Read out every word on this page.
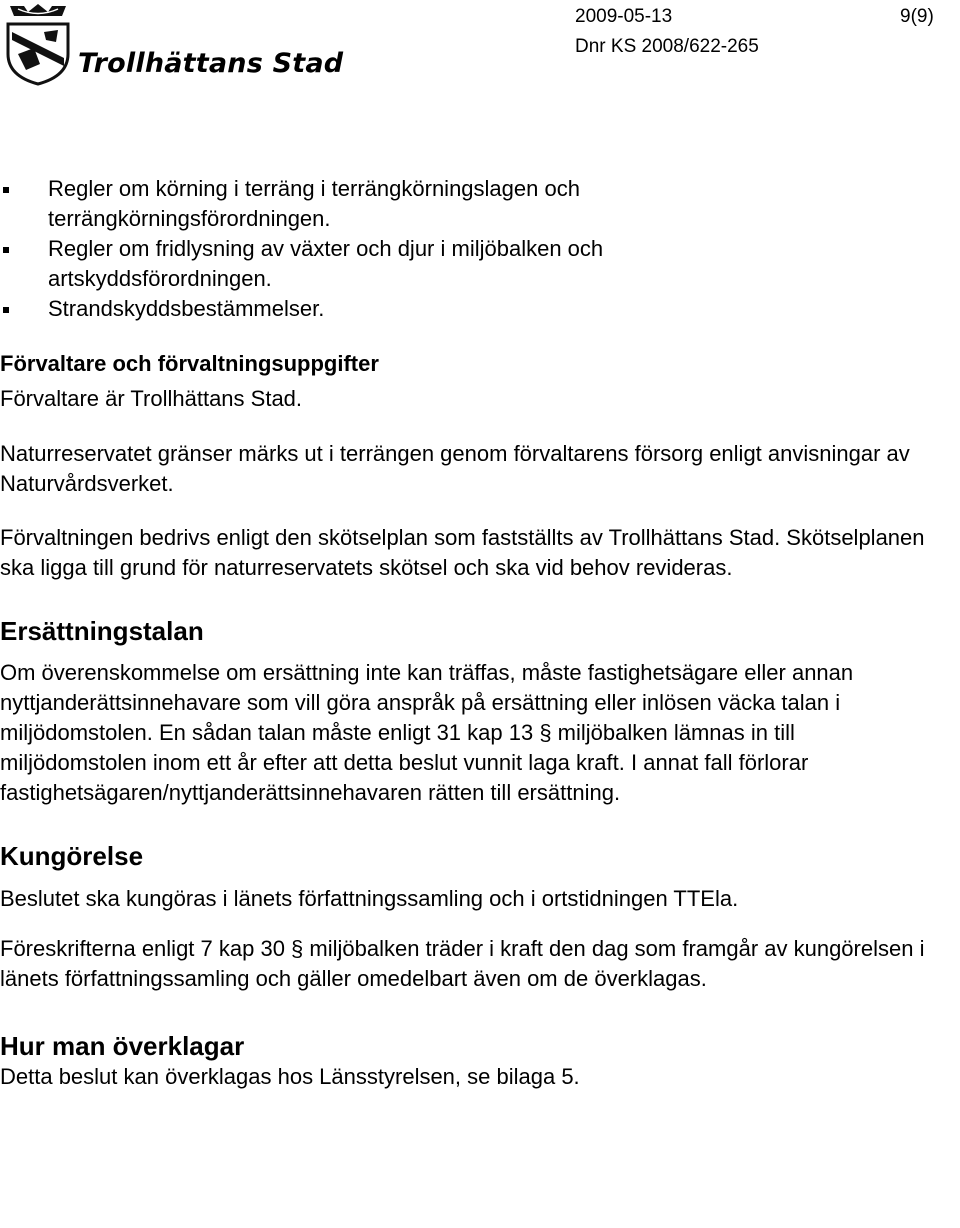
Trollhättans Stad
2009-05-13	9(9)
Dnr KS 2008/622-265
Regler om körning i terräng i terrängkörningslagen och terrängkörningsförordningen.
Regler om fridlysning av växter och djur i miljöbalken och artskyddsförordningen.
Strandskyddsbestämmelser.
Förvaltare och förvaltningsuppgifter

Förvaltare är Trollhättans Stad.

Naturreservatet gränser märks ut i terrängen genom förvaltarens försorg enligt anvisningar av Naturvårdsverket.

Förvaltningen bedrivs enligt den skötselplan som fastställts av Trollhättans Stad. Skötselplanen ska ligga till grund för naturreservatets skötsel och ska vid behov revideras.

Ersättningstalan

Om överenskommelse om ersättning inte kan träffas, måste fastighetsägare eller annan nyttjanderättsinnehavare som vill göra anspråk på ersättning eller inlösen väcka talan i miljödomstolen. En sådan talan måste enligt 31 kap 13 § miljöbalken lämnas in till miljödomstolen inom ett år efter att detta beslut vunnit laga kraft. I annat fall förlorar fastighetsägaren/nyttjanderättsinnehavaren rätten till ersättning.

Kungörelse

Beslutet ska kungöras i länets författningssamling och i ortstidningen TTEla.

Föreskrifterna enligt 7 kap 30 § miljöbalken träder i kraft den dag som framgår av kungörelsen i länets författningssamling och gäller omedelbart även om de överklagas.

Hur man överklagar

Detta beslut kan överklagas hos Länsstyrelsen, se bilaga 5.
